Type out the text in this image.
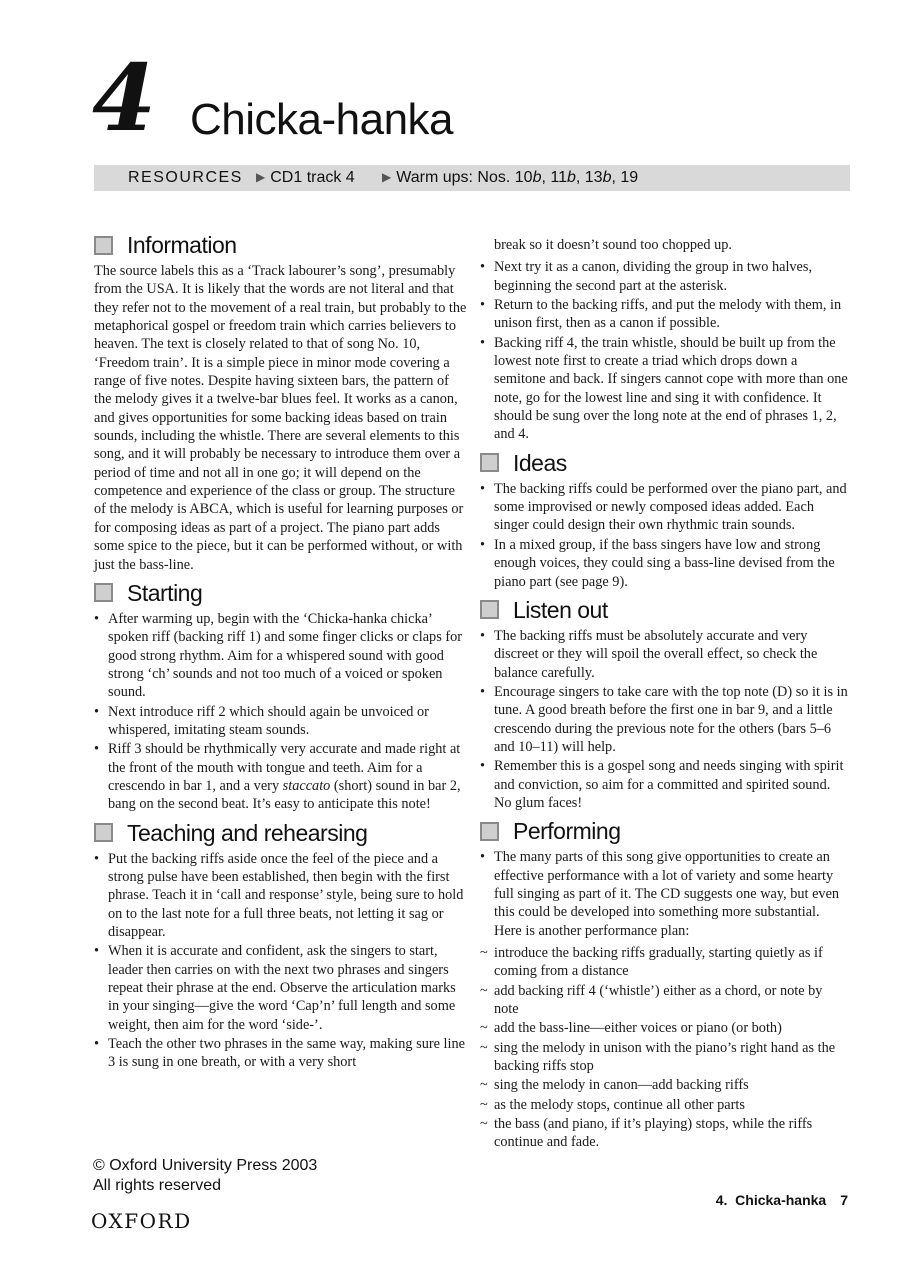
4 Chicka-hanka
RESOURCES ▶ CD1 track 4 ▶ Warm ups: Nos. 10b, 11b, 13b, 19
Information

The source labels this as a ‘Track labourer’s song’, presumably from the USA. It is likely that the words are not literal and that they refer not to the movement of a real train, but probably to the metaphorical gospel or freedom train which carries believers to heaven. The text is closely related to that of song No. 10, ‘Freedom train’. It is a simple piece in minor mode covering a range of five notes. Despite having sixteen bars, the pattern of the melody gives it a twelve-bar blues feel. It works as a canon, and gives opportunities for some backing ideas based on train sounds, including the whistle. There are several elements to this song, and it will probably be necessary to introduce them over a period of time and not all in one go; it will depend on the competence and experience of the class or group. The structure of the melody is ABCA, which is useful for learning purposes or for composing ideas as part of a project. The piano part adds some spice to the piece, but it can be performed without, or with just the bass-line.

Starting
• After warming up, begin with the ‘Chicka-hanka chicka’ spoken riff (backing riff 1) and some finger clicks or claps for good strong rhythm. Aim for a whispered sound with good strong ‘ch’ sounds and not too much of a voiced or spoken sound.
• Next introduce riff 2 which should again be unvoiced or whispered, imitating steam sounds.
• Riff 3 should be rhythmically very accurate and made right at the front of the mouth with tongue and teeth. Aim for a crescendo in bar 1, and a very staccato (short) sound in bar 2, bang on the second beat. It’s easy to anticipate this note!
Teaching and rehearsing
• Put the backing riffs aside once the feel of the piece and a strong pulse have been established, then begin with the first phrase. Teach it in ‘call and response’ style, being sure to hold on to the last note for a full three beats, not letting it sag or disappear.
• When it is accurate and confident, ask the singers to start, leader then carries on with the next two phrases and singers repeat their phrase at the end. Observe the articulation marks in your singing—give the word ‘Cap’n’ full length and some weight, then aim for the word ‘side-’.
• Teach the other two phrases in the same way, making sure line 3 is sung in one breath, or with a very short

break so it doesn’t sound too chopped up.

• Next try it as a canon, dividing the group in two halves, beginning the second part at the asterisk.
• Return to the backing riffs, and put the melody with them, in unison first, then as a canon if possible.
• Backing riff 4, the train whistle, should be built up from the lowest note first to create a triad which drops down a semitone and back. If singers cannot cope with more than one note, go for the lowest line and sing it with confidence. It should be sung over the long note at the end of phrases 1, 2, and 4.
Ideas
• The backing riffs could be performed over the piano part, and some improvised or newly composed ideas added. Each singer could design their own rhythmic train sounds.
• In a mixed group, if the bass singers have low and strong enough voices, they could sing a bass-line devised from the piano part (see page 9).
Listen out
• The backing riffs must be absolutely accurate and very discreet or they will spoil the overall effect, so check the balance carefully.
• Encourage singers to take care with the top note (D) so it is in tune. A good breath before the first one in bar 9, and a little crescendo during the previous note for the others (bars 5–6 and 10–11) will help.
• Remember this is a gospel song and needs singing with spirit and conviction, so aim for a committed and spirited sound. No glum faces!
Performing
• The many parts of this song give opportunities to create an effective performance with a lot of variety and some hearty full singing as part of it. The CD suggests one way, but even this could be developed into something more substantial. Here is another performance plan:
~ introduce the backing riffs gradually, starting quietly as if coming from a distance
~ add backing riff 4 (‘whistle’) either as a chord, or note by note
~ add the bass-line—either voices or piano (or both)
~ sing the melody in unison with the piano’s right hand as the backing riffs stop
~ sing the melody in canon—add backing riffs
~ as the melody stops, continue all other parts
~ the bass (and piano, if it’s playing) stops, while the riffs continue and fade.
© Oxford University Press 2003
All rights reserved
OXFORD
4.  Chicka-hanka 7
